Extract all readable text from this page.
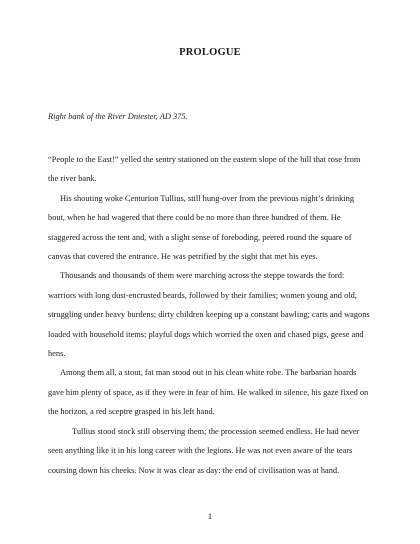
PROLOGUE
Right bank of the River Dniester, AD 375.

“People to the East!” yelled the sentry stationed on the eastern slope of the hill that rose from the river bank.

His shouting woke Centurion Tullius, still hung-over from the previous night’s drinking bout, when he had wagered that there could be no more than three hundred of them. He staggered across the tent and, with a slight sense of foreboding, peered round the square of canvas that covered the entrance. He was petrified by the sight that met his eyes.

Thousands and thousands of them were marching across the steppe towards the ford: warriors with long dust-encrusted beards, followed by their families; women young and old, struggling under heavy burdens; dirty children keeping up a constant bawling; carts and wagons loaded with household items; playful dogs which worried the oxen and chased pigs, geese and hens.

Among them all, a stout, fat man stood out in his clean white robe. The barbarian hoards gave him plenty of space, as if they were in fear of him. He walked in silence, his gaze fixed on the horizon, a red sceptre grasped in his left hand.

Tullius stood stock still observing them; the procession seemed endless. He had never seen anything like it in his long career with the legions. He was not even aware of the tears coursing down his cheeks. Now it was clear as day: the end of civilisation was at hand.

1
